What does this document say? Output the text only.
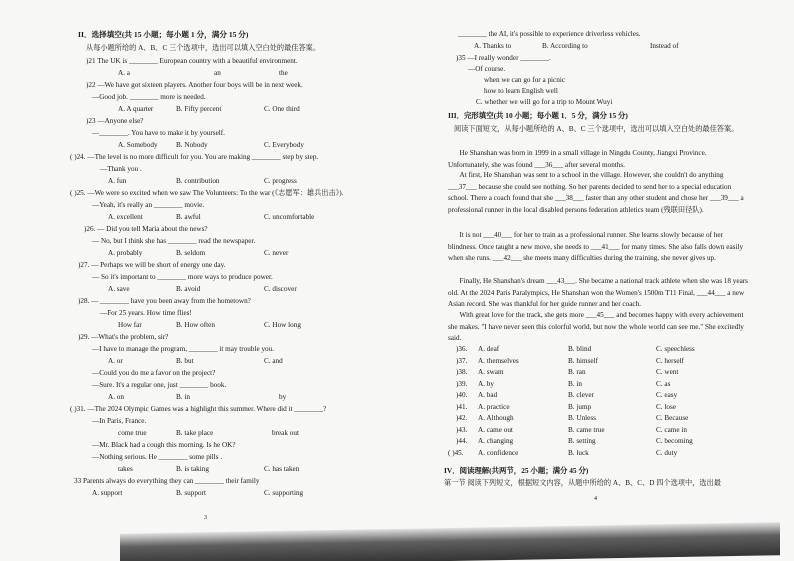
II．选择填空(共 15 小题；每小题 1 分，满分 15 分)
从每小题所给的 A、B、C 三个选项中，选出可以填入空白处的最佳答案。
)21 The UK is ________ European country with a beautiful environment.
A. a	an	the
)22 —We have got sixteen players. Another four boys will be in next week.
—Good job. ________ more is needed.
A. A quarter	B. Fifty percent	C. One third
)23 —Anyone else?
—________. You have to make it by yourself.
A. Somebody	B. Nobody	C. Everybody
( )24. —The level is no more difficult for you. You are making ________ step by step.
—Thank you .
A. fun	B. contribution	C. progress
( )25. —We were so excited when we saw The Volunteers: To the war (《志愿军：雄兵出击》).
—Yeah, it's really an ________ movie.
A. excellent	B. awful	C. uncomfortable
)26. — Did you tell Maria about the news?
— No, but I think she has ________ read the newspaper.
A. probably	B. seldom	C. never
)27. — Perhaps we will be short of energy one day.
— So it's important to ________ more ways to produce power.
A. save	B. avoid	C. discover
)28. — ________ have you been away from the hometown?
—For 25 years. How time flies!
How far	B. How often	C. How long
)29. —What's the problem, sir?
—I have to manage the program, ________ it may trouble you.
A. or	B. but	C. and
—Could you do me a favor on the project?
—Sure. It's a regular one, just ________ book.
A. on	B. in	by
( )31. —The 2024 Olympic Games was a highlight this summer. Where did it ________?
—In Paris, France.
come true	B. take place	break out
—Mr. Black had a cough this morning. Is he OK?
—Nothing serious. He ________ some pills .
takes	B. is taking	C. has taken
33 Parents always do everything they can ________ their family
A. support	B. support	C. supporting
3
________ the AI, it's possible to experience driverless vehicles.
A. Thanks to	B. According to	Instead of
)35 —I really wonder ________.
—Of course.
when we can go for a picnic
how to learn English well
C. whether we will go for a trip to Mount Wuyi
III．完形填空(共 10 小题；每小题 1．5 分，满分 15 分)
阅读下面短文，从每小题所给的 A、B、C 三个选项中，选出可以填入空白处的最佳答案。
He Shanshan was born in 1999 in a small village in Ningdu County, Jiangxi Province. Unfortunately, she was found ___36___ after several months.
At first, He Shanshan was sent to a school in the village. However, she couldn't do anything ___37___ because she could see nothing. So her parents decided to send her to a special education school. There a coach found that she ___38___ faster than any other student and chose her ___39___ a professional runner in the local disabled persons federation athletics team (残联田径队).
It is not ___40___ for her to train as a professional runner. She learns slowly because of her blindness. Once taught a new move, she needs to ___41___ for many times. She also falls down easily when she runs. ___42___ she meets many difficulties during the training, she never gives up.
Finally, He Shanshan's dream ___43___. She became a national track athlete when she was 18 years old. At the 2024 Paris Paralympics, He Shanshan won the Women's 1500m T11 Final, ___44___ a new Asian record. She was thankful for her guide runner and her coach.
With great love for the track, she gets more ___45___ and becomes happy with every achievement she makes. "I have never seen this colorful world, but now the whole world can see me." She excitedly said.
)36. A. deaf	B. blind	C. speechless
)37. A. themselves	B. himself	C. herself
)38. A. swam	B. ran	C. went
)39. A. by	B. in	C. as
)40. A. bad	B. clever	C. easy
)41. A. practice	B. jump	C. lose
)42. A. Although	B. Unless	C. Because
)43. A. came out	B. came true	C. came in
)44. A. changing	B. setting	C. becoming
( )45. A. confidence	B. luck	C. duty
IV．阅读理解(共两节，25 小题；满分 45 分)
第一节 阅读下列短文，根据短文内容，从题中所给的 A、B、C、D 四个选项中，选出最
4
